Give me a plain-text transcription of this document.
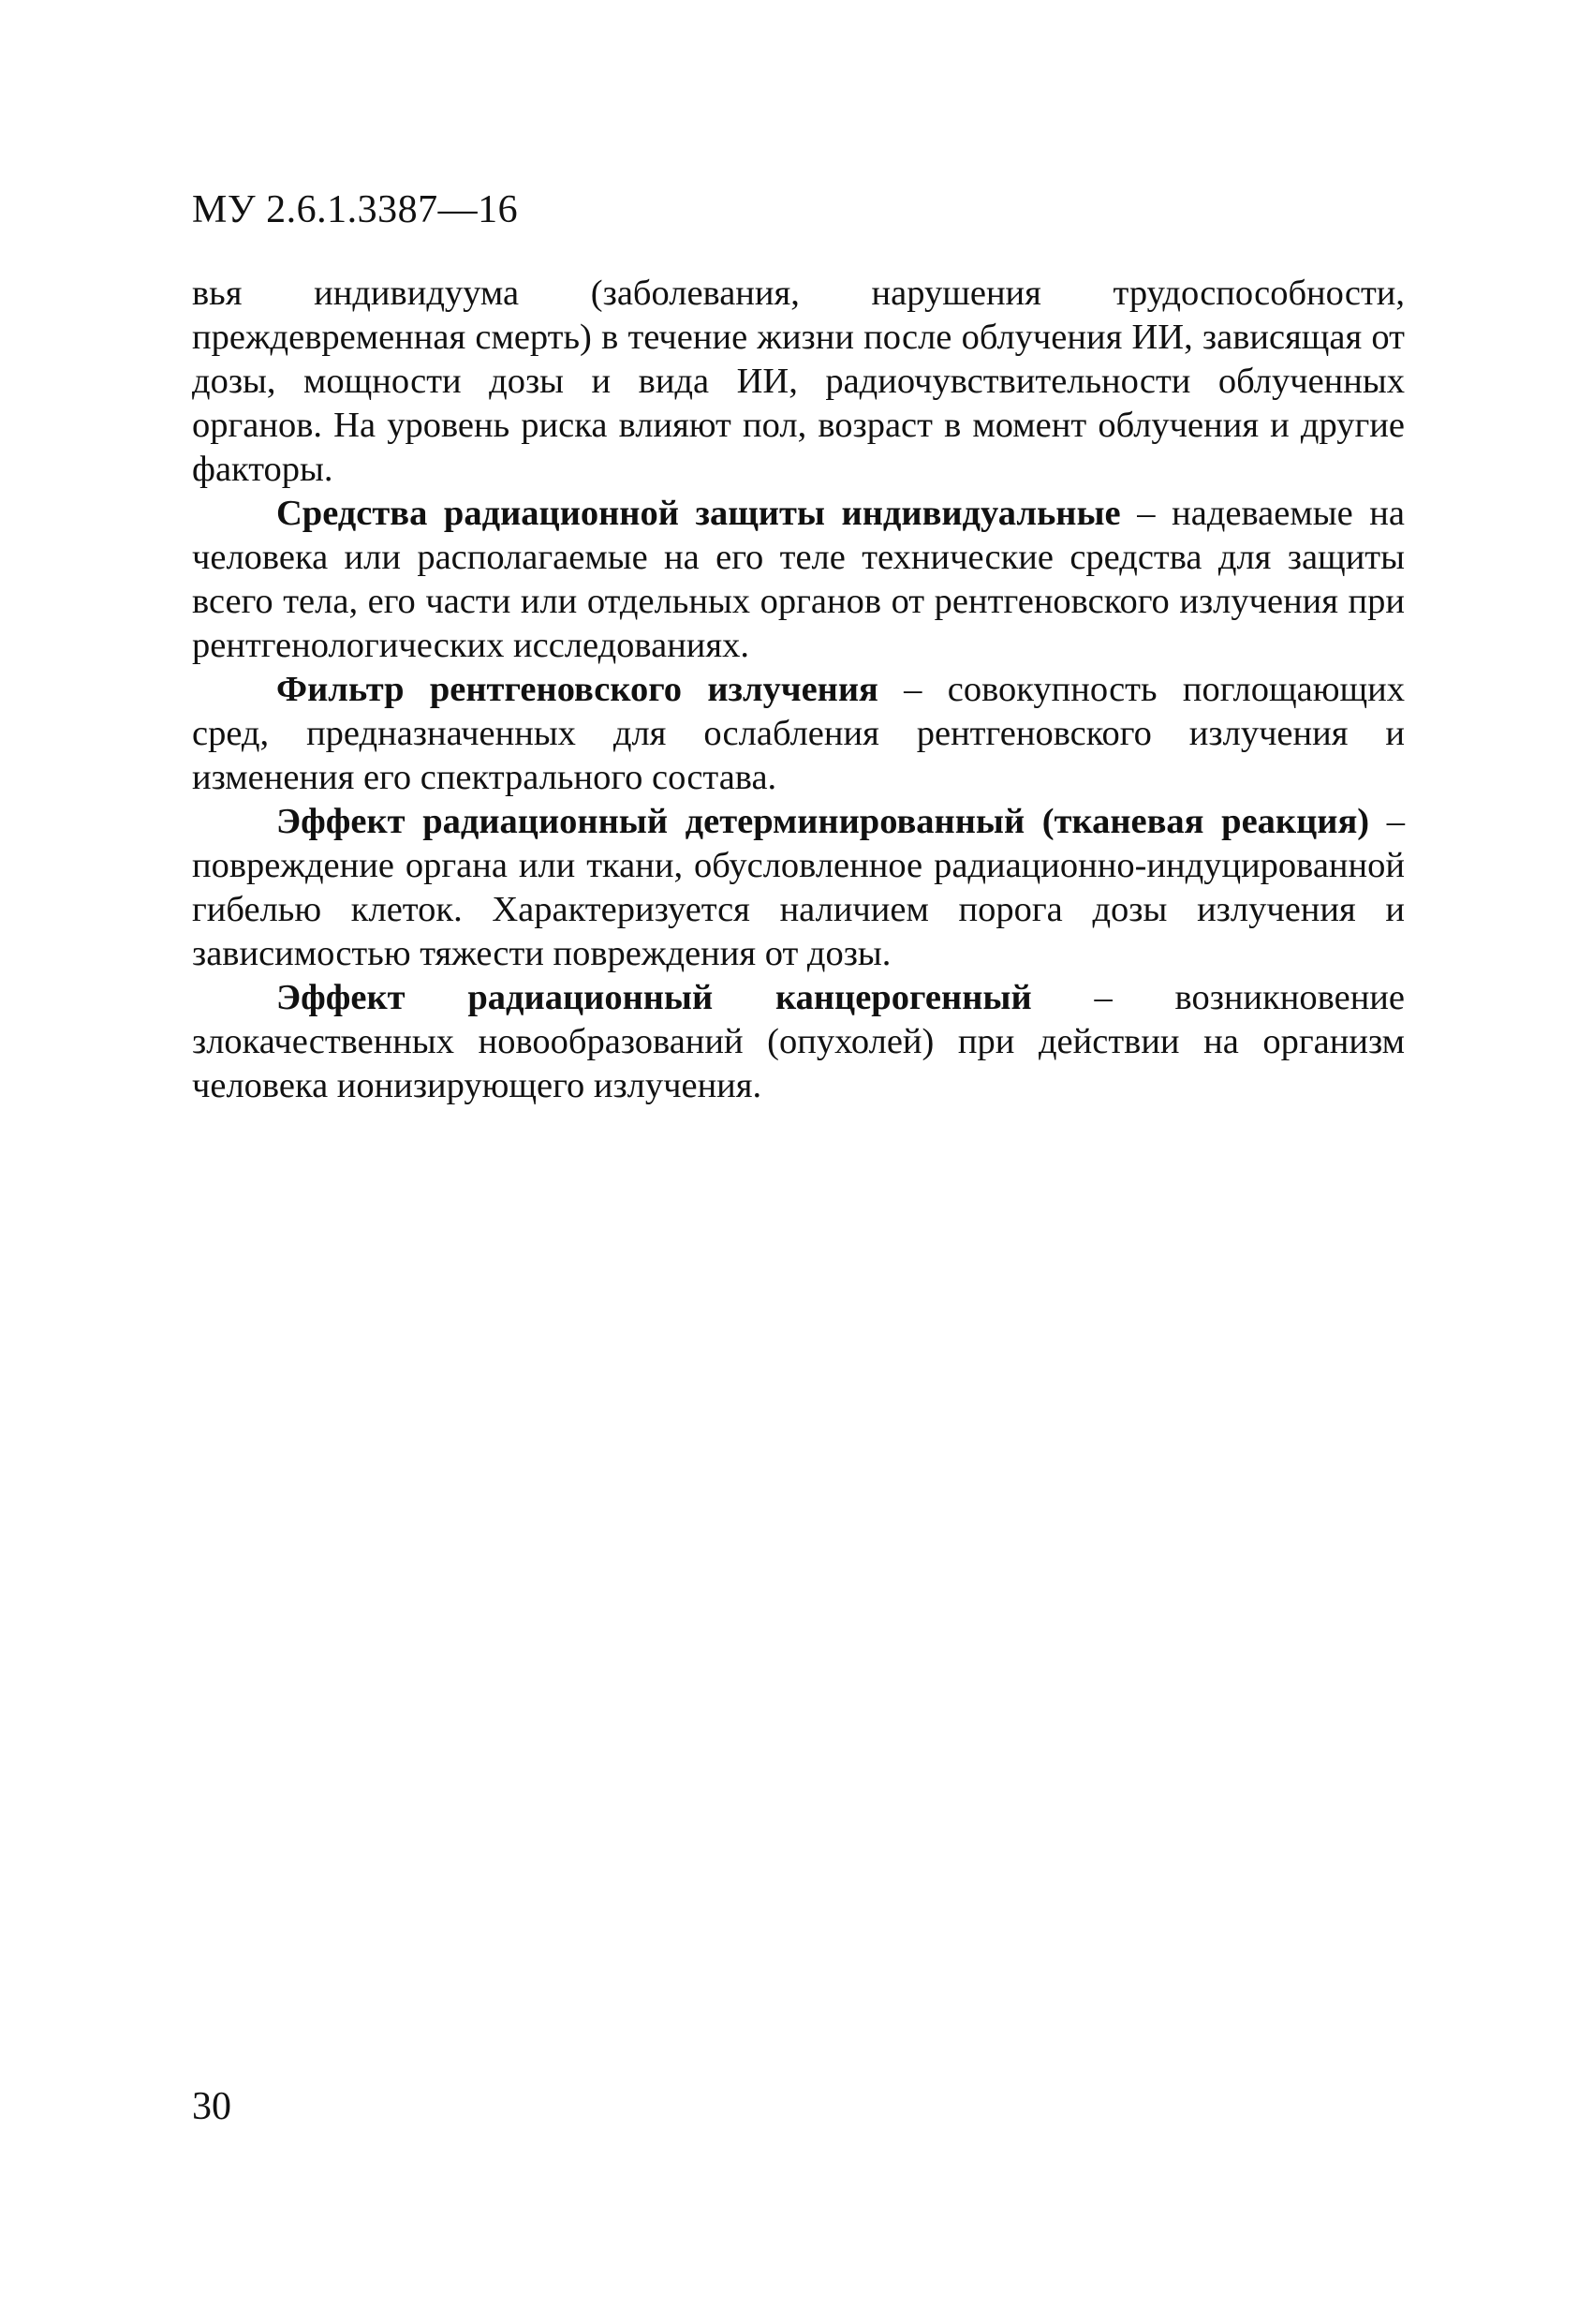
МУ 2.6.1.3387—16

вья индивидуума (заболевания, нарушения трудоспособности, преждевременная смерть) в течение жизни после облучения ИИ, зависящая от дозы, мощности дозы и вида ИИ, радиочувствительности облученных органов. На уровень риска влияют пол, возраст в момент облучения и другие факторы.

Средства радиационной защиты индивидуальные – надеваемые на человека или располагаемые на его теле технические средства для защиты всего тела, его части или отдельных органов от рентгеновского излучения при рентгенологических исследованиях.

Фильтр рентгеновского излучения – совокупность поглощающих сред, предназначенных для ослабления рентгеновского излучения и изменения его спектрального состава.

Эффект радиационный детерминированный (тканевая реакция) – повреждение органа или ткани, обусловленное радиационно-индуцированной гибелью клеток. Характеризуется наличием порога дозы излучения и зависимостью тяжести повреждения от дозы.

Эффект радиационный канцерогенный – возникновение злокачественных новообразований (опухолей) при действии на организм человека ионизирующего излучения.

30
